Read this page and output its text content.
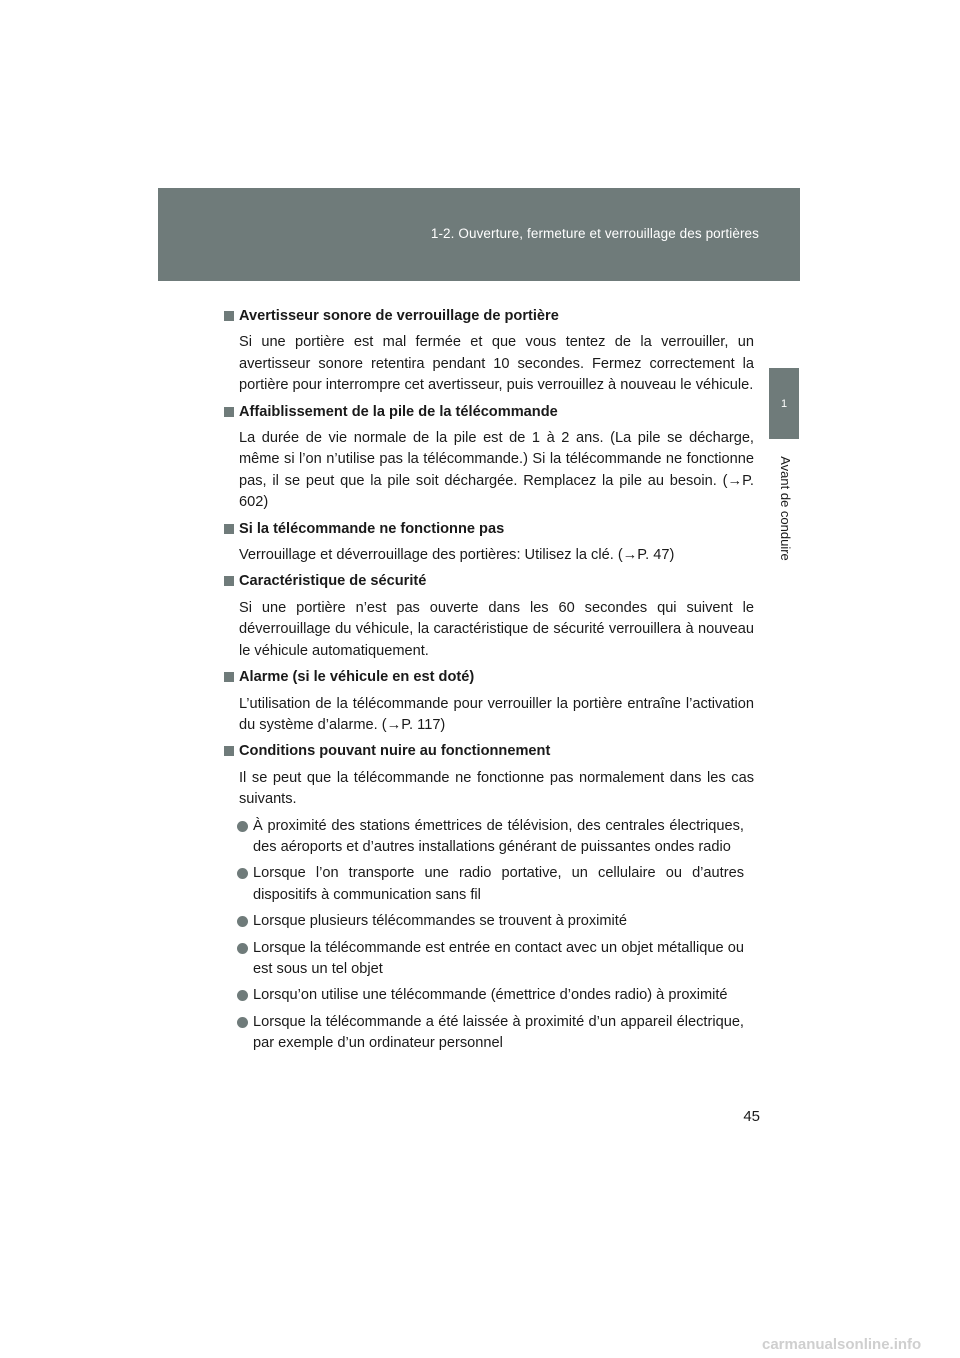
1-2. Ouverture, fermeture et verrouillage des portières
1
Avant de conduire
Avertisseur sonore de verrouillage de portière
Si une portière est mal fermée et que vous tentez de la verrouiller, un avertisseur sonore retentira pendant 10 secondes. Fermez correctement la portière pour interrompre cet avertisseur, puis verrouillez à nouveau le véhicule.
Affaiblissement de la pile de la télécommande
La durée de vie normale de la pile est de 1 à 2 ans. (La pile se décharge, même si l’on n’utilise pas la télécommande.) Si la télécommande ne fonctionne pas, il se peut que la pile soit déchargée. Remplacez la pile au besoin. (→P. 602)
Si la télécommande ne fonctionne pas
Verrouillage et déverrouillage des portières: Utilisez la clé. (→P. 47)
Caractéristique de sécurité
Si une portière n’est pas ouverte dans les 60 secondes qui suivent le déverrouillage du véhicule, la caractéristique de sécurité verrouillera à nouveau le véhicule automatiquement.
Alarme (si le véhicule en est doté)
L’utilisation de la télécommande pour verrouiller la portière entraîne l’activation du système d’alarme. (→P. 117)
Conditions pouvant nuire au fonctionnement
Il se peut que la télécommande ne fonctionne pas normalement dans les cas suivants.
À proximité des stations émettrices de télévision, des centrales électriques, des aéroports et d’autres installations générant de puissantes ondes radio
Lorsque l’on transporte une radio portative, un cellulaire ou d’autres dispositifs à communication sans fil
Lorsque plusieurs télécommandes se trouvent à proximité
Lorsque la télécommande est entrée en contact avec un objet métallique ou est sous un tel objet
Lorsqu’on utilise une télécommande (émettrice d’ondes radio) à proximité
Lorsque la télécommande a été laissée à proximité d’un appareil électrique, par exemple d’un ordinateur personnel
45
carmanualsonline.info
